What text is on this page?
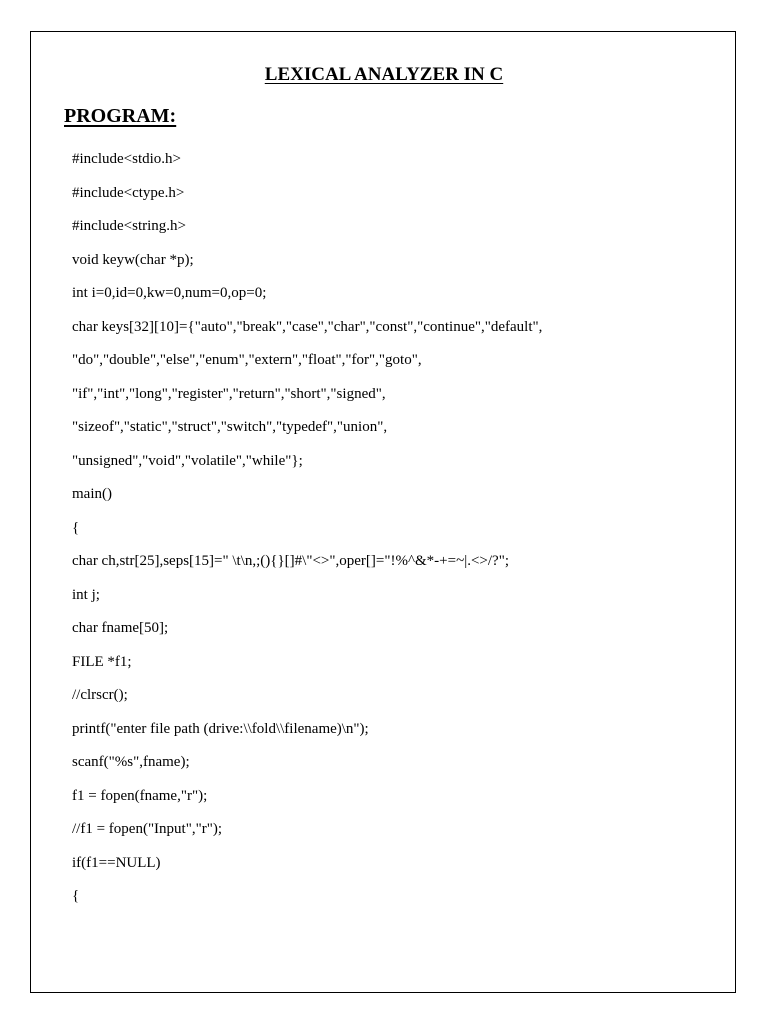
LEXICAL ANALYZER IN C
PROGRAM:
#include<stdio.h>
#include<ctype.h>
#include<string.h>
void keyw(char *p);
int i=0,id=0,kw=0,num=0,op=0;
char keys[32][10]={"auto","break","case","char","const","continue","default",
"do","double","else","enum","extern","float","for","goto",
"if","int","long","register","return","short","signed",
"sizeof","static","struct","switch","typedef","union",
"unsigned","void","volatile","while"};
main()
{
char ch,str[25],seps[15]=" \t\n,;(){}[]#\"<>",oper[]="!%^&*-+=~|.<>/?";
int j;
char fname[50];
FILE *f1;
//clrscr();
printf("enter file path (drive:\\fold\\filename)\n");
scanf("%s",fname);
f1 = fopen(fname,"r");
//f1 = fopen("Input","r");
if(f1==NULL)
{
